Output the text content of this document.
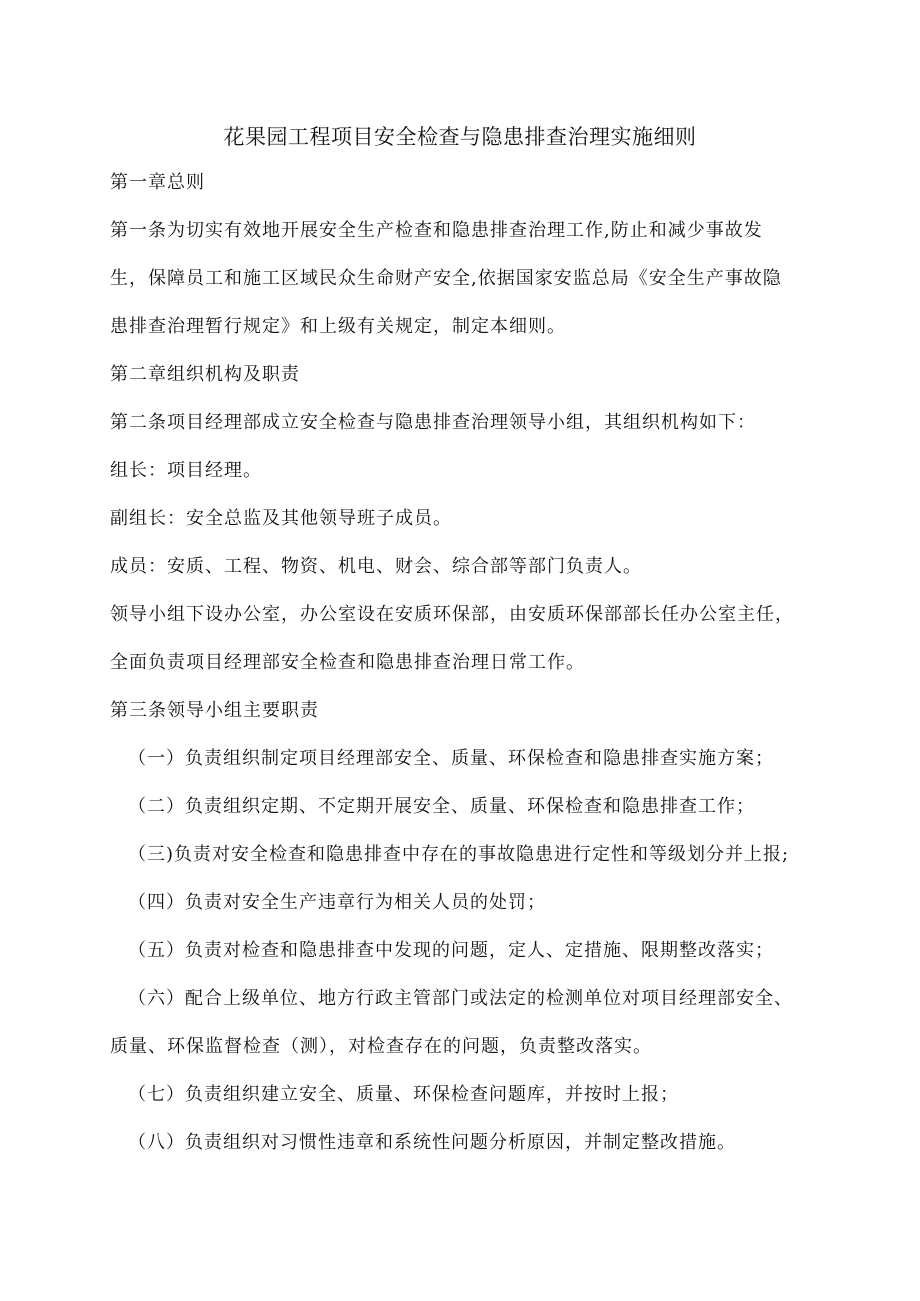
花果园工程项目安全检查与隐患排查治理实施细则
第一章总则
第一条为切实有效地开展安全生产检查和隐患排查治理工作,防止和减少事故发
生，保障员工和施工区域民众生命财产安全,依据国家安监总局《安全生产事故隐
患排查治理暂行规定》和上级有关规定，制定本细则。
第二章组织机构及职责
第二条项目经理部成立安全检查与隐患排查治理领导小组，其组织机构如下：
组长：项目经理。
副组长：安全总监及其他领导班子成员。
成员：安质、工程、物资、机电、财会、综合部等部门负责人。
领导小组下设办公室，办公室设在安质环保部，由安质环保部部长任办公室主任，
全面负责项目经理部安全检查和隐患排查治理日常工作。
第三条领导小组主要职责
（一）负责组织制定项目经理部安全、质量、环保检查和隐患排查实施方案；
（二）负责组织定期、不定期开展安全、质量、环保检查和隐患排查工作；
（三)负责对安全检查和隐患排查中存在的事故隐患进行定性和等级划分并上报;
（四）负责对安全生产违章行为相关人员的处罚；
（五）负责对检查和隐患排查中发现的问题，定人、定措施、限期整改落实；
（六）配合上级单位、地方行政主管部门或法定的检测单位对项目经理部安全、
质量、环保监督检查（测），对检查存在的问题，负责整改落实。
（七）负责组织建立安全、质量、环保检查问题库，并按时上报；
（八）负责组织对习惯性违章和系统性问题分析原因，并制定整改措施。
